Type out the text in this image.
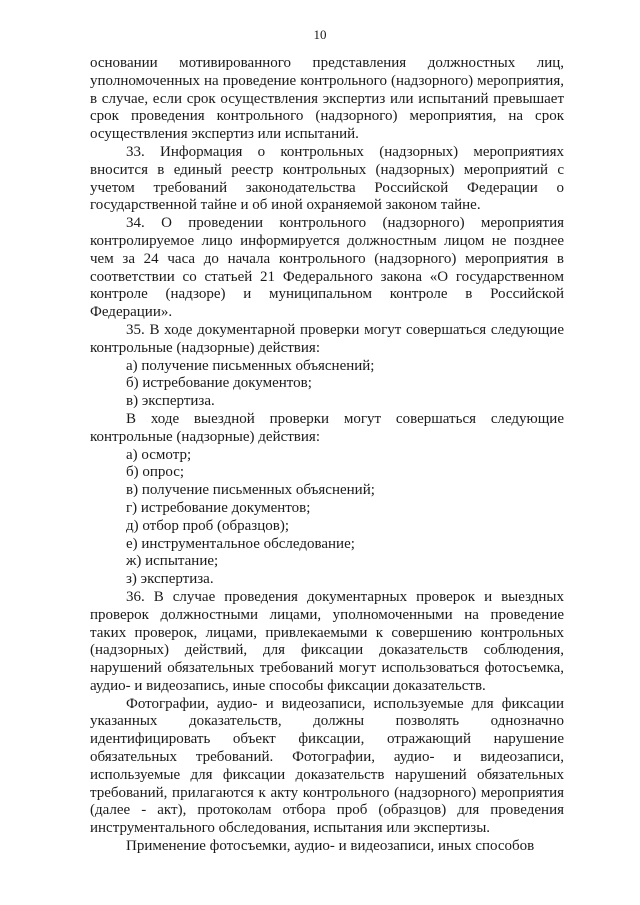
10

основании мотивированного представления должностных лиц, уполномоченных на проведение контрольного (надзорного) мероприятия, в случае, если срок осуществления экспертиз или испытаний превышает срок проведения контрольного (надзорного) мероприятия, на срок осуществления экспертиз или испытаний.

33. Информация о контрольных (надзорных) мероприятиях вносится в единый реестр контрольных (надзорных) мероприятий с учетом требований законодательства Российской Федерации о государственной тайне и об иной охраняемой законом тайне.

34. О проведении контрольного (надзорного) мероприятия контролируемое лицо информируется должностным лицом не позднее чем за 24 часа до начала контрольного (надзорного) мероприятия в соответствии со статьей 21 Федерального закона «О государственном контроле (надзоре) и муниципальном контроле в Российской Федерации».

35. В ходе документарной проверки могут совершаться следующие контрольные (надзорные) действия:

а) получение письменных объяснений;

б) истребование документов;

в) экспертиза.

В ходе выездной проверки могут совершаться следующие контрольные (надзорные) действия:

а) осмотр;

б) опрос;

в) получение письменных объяснений;

г) истребование документов;

д) отбор проб (образцов);

е) инструментальное обследование;

ж) испытание;

з) экспертиза.

36. В случае проведения документарных проверок и выездных проверок должностными лицами, уполномоченными на проведение таких проверок, лицами, привлекаемыми к совершению контрольных (надзорных) действий, для фиксации доказательств соблюдения, нарушений обязательных требований могут использоваться фотосъемка, аудио- и видеозапись, иные способы фиксации доказательств.

Фотографии, аудио- и видеозаписи, используемые для фиксации указанных доказательств, должны позволять однозначно идентифицировать объект фиксации, отражающий нарушение обязательных требований. Фотографии, аудио- и видеозаписи, используемые для фиксации доказательств нарушений обязательных требований, прилагаются к акту контрольного (надзорного) мероприятия (далее - акт), протоколам отбора проб (образцов) для проведения инструментального обследования, испытания или экспертизы.

Применение фотосъемки, аудио- и видеозаписи, иных способов
